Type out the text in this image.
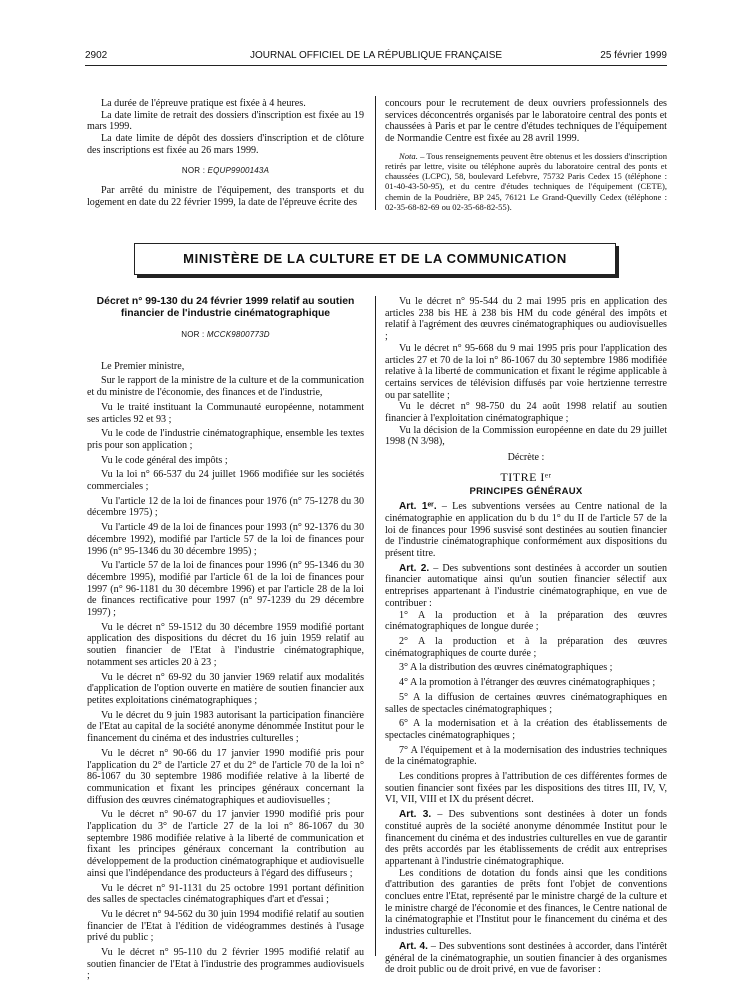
2902	JOURNAL OFFICIEL DE LA RÉPUBLIQUE FRANÇAISE	25 février 1999

La durée de l'épreuve pratique est fixée à 4 heures.

La date limite de retrait des dossiers d'inscription est fixée au 19 mars 1999.

La date limite de dépôt des dossiers d'inscription et de clôture des inscriptions est fixée au 26 mars 1999.

NOR : EQUP9900143A

Par arrêté du ministre de l'équipement, des transports et du logement en date du 22 février 1999, la date de l'épreuve écrite des

concours pour le recrutement de deux ouvriers professionnels des services déconcentrés organisés par le laboratoire central des ponts et chaussées à Paris et par le centre d'études techniques de l'équipement de Normandie Centre est fixée au 28 avril 1999.

Nota. – Tous renseignements peuvent être obtenus et les dossiers d'inscription retirés par lettre, visite ou téléphone auprès du laboratoire central des ponts et chaussées (LCPC), 58, boulevard Lefebvre, 75732 Paris Cedex 15 (téléphone : 01-40-43-50-95), et du centre d'études techniques de l'équipement (CETE), chemin de la Poudrière, BP 245, 76121 Le Grand-Quevilly Cedex (téléphone : 02-35-68-82-69 ou 02-35-68-82-55).

MINISTÈRE DE LA CULTURE ET DE LA COMMUNICATION

Décret n° 99-130 du 24 février 1999 relatif au soutien financier de l'industrie cinématographique

NOR : MCCK9800773D

Le Premier ministre,

Sur le rapport de la ministre de la culture et de la communication et du ministre de l'économie, des finances et de l'industrie,

Vu le traité instituant la Communauté européenne, notamment ses articles 92 et 93 ;

Vu le code de l'industrie cinématographique, ensemble les textes pris pour son application ;

Vu le code général des impôts ;

Vu la loi n° 66-537 du 24 juillet 1966 modifiée sur les sociétés commerciales ;

Vu l'article 12 de la loi de finances pour 1976 (n° 75-1278 du 30 décembre 1975) ;

Vu l'article 49 de la loi de finances pour 1993 (n° 92-1376 du 30 décembre 1992), modifié par l'article 57 de la loi de finances pour 1996 (n° 95-1346 du 30 décembre 1995) ;

Vu l'article 57 de la loi de finances pour 1996 (n° 95-1346 du 30 décembre 1995), modifié par l'article 61 de la loi de finances pour 1997 (n° 96-1181 du 30 décembre 1996) et par l'article 28 de la loi de finances rectificative pour 1997 (n° 97-1239 du 29 décembre 1997) ;

Vu le décret n° 59-1512 du 30 décembre 1959 modifié portant application des dispositions du décret du 16 juin 1959 relatif au soutien financier de l'Etat à l'industrie cinématographique, notamment ses articles 20 à 23 ;

Vu le décret n° 69-92 du 30 janvier 1969 relatif aux modalités d'application de l'option ouverte en matière de soutien financier aux petites exploitations cinématographiques ;

Vu le décret du 9 juin 1983 autorisant la participation financière de l'Etat au capital de la société anonyme dénommée Institut pour le financement du cinéma et des industries culturelles ;

Vu le décret n° 90-66 du 17 janvier 1990 modifié pris pour l'application du 2° de l'article 27 et du 2° de l'article 70 de la loi n° 86-1067 du 30 septembre 1986 modifiée relative à la liberté de communication et fixant les principes généraux concernant la diffusion des œuvres cinématographiques et audiovisuelles ;

Vu le décret n° 90-67 du 17 janvier 1990 modifié pris pour l'application du 3° de l'article 27 de la loi n° 86-1067 du 30 septembre 1986 modifiée relative à la liberté de communication et fixant les principes généraux concernant la contribution au développement de la production cinématographique et audiovisuelle ainsi que l'indépendance des producteurs à l'égard des diffuseurs ;

Vu le décret n° 91-1131 du 25 octobre 1991 portant définition des salles de spectacles cinématographiques d'art et d'essai ;

Vu le décret n° 94-562 du 30 juin 1994 modifié relatif au soutien financier de l'Etat à l'édition de vidéogrammes destinés à l'usage privé du public ;

Vu le décret n° 95-110 du 2 février 1995 modifié relatif au soutien financier de l'Etat à l'industrie des programmes audiovisuels ;

Vu le décret n° 95-544 du 2 mai 1995 pris en application des articles 238 bis HE à 238 bis HM du code général des impôts et relatif à l'agrément des œuvres cinématographiques ou audiovisuelles ;

Vu le décret n° 95-668 du 9 mai 1995 pris pour l'application des articles 27 et 70 de la loi n° 86-1067 du 30 septembre 1986 modifiée relative à la liberté de communication et fixant le régime applicable à certains services de télévision diffusés par voie hertzienne terrestre ou par satellite ;

Vu le décret n° 98-750 du 24 août 1998 relatif au soutien financier à l'exploitation cinématographique ;

Vu la décision de la Commission européenne en date du 29 juillet 1998 (N 3/98),

Décrète :

TITRE Iᵉʳ

PRINCIPES GÉNÉRAUX

Art. 1ᵉʳ. – Les subventions versées au Centre national de la cinématographie en application du b du 1° du II de l'article 57 de la loi de finances pour 1996 susvisé sont destinées au soutien financier de l'industrie cinématographique conformément aux dispositions du présent titre.

Art. 2. – Des subventions sont destinées à accorder un soutien financier automatique ainsi qu'un soutien financier sélectif aux entreprises appartenant à l'industrie cinématographique, en vue de contribuer :

1° A la production et à la préparation des œuvres cinématographiques de longue durée ;

2° A la production et à la préparation des œuvres cinématographiques de courte durée ;

3° A la distribution des œuvres cinématographiques ;

4° A la promotion à l'étranger des œuvres cinématographiques ;

5° A la diffusion de certaines œuvres cinématographiques en salles de spectacles cinématographiques ;

6° A la modernisation et à la création des établissements de spectacles cinématographiques ;

7° A l'équipement et à la modernisation des industries techniques de la cinématographie.

Les conditions propres à l'attribution de ces différentes formes de soutien financier sont fixées par les dispositions des titres III, IV, V, VI, VII, VIII et IX du présent décret.

Art. 3. – Des subventions sont destinées à doter un fonds constitué auprès de la société anonyme dénommée Institut pour le financement du cinéma et des industries culturelles en vue de garantir des prêts accordés par les établissements de crédit aux entreprises appartenant à l'industrie cinématographique.

Les conditions de dotation du fonds ainsi que les conditions d'attribution des garanties de prêts font l'objet de conventions conclues entre l'Etat, représenté par le ministre chargé de la culture et le ministre chargé de l'économie et des finances, le Centre national de la cinématographie et l'Institut pour le financement du cinéma et des industries culturelles.

Art. 4. – Des subventions sont destinées à accorder, dans l'intérêt général de la cinématographie, un soutien financier à des organismes de droit public ou de droit privé, en vue de favoriser :
